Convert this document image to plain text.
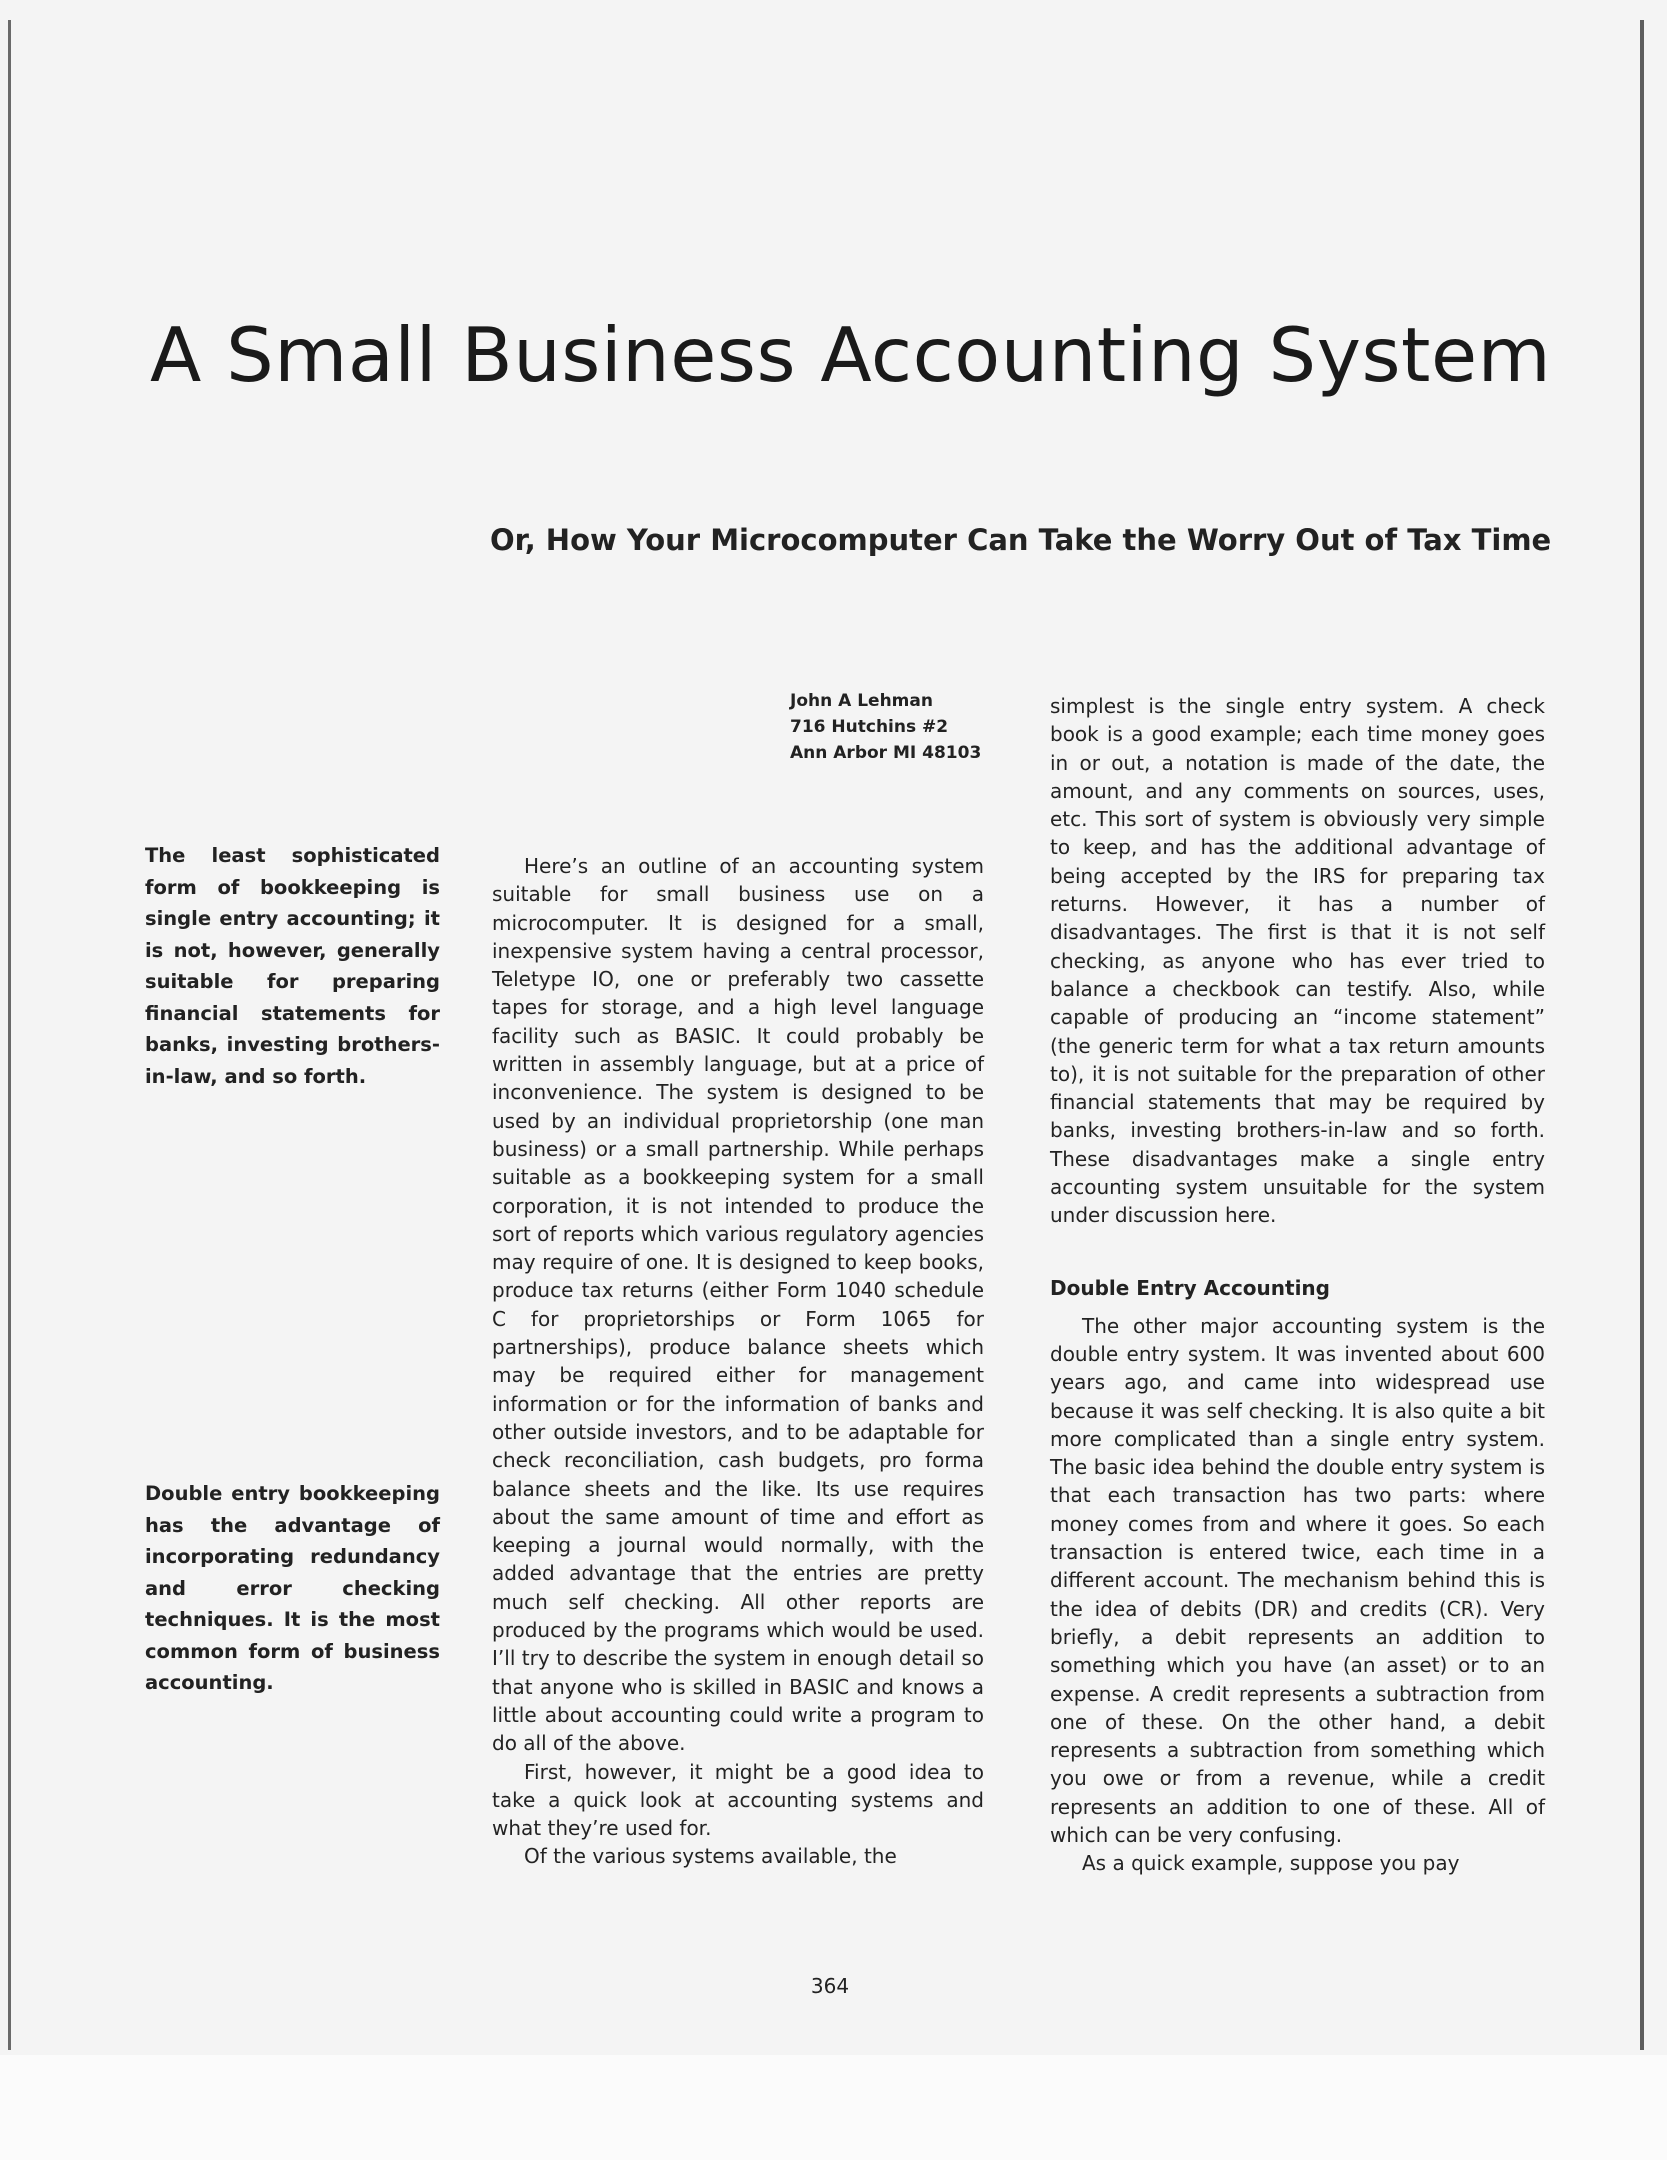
A Small Business Accounting System
Or, How Your Microcomputer Can Take the Worry Out of Tax Time
John A Lehman
716 Hutchins #2
Ann Arbor MI 48103
The least sophisticated form of bookkeeping is single entry accounting; it is not, however, generally suitable for preparing financial statements for banks, investing brothers-in-law, and so forth.
Double entry bookkeeping has the advantage of incorporating redundancy and error checking techniques. It is the most common form of business accounting.

Here’s an outline of an accounting system suitable for small business use on a microcomputer. It is designed for a small, inexpensive system having a central processor, Teletype IO, one or preferably two cassette tapes for storage, and a high level language facility such as BASIC. It could probably be written in assembly language, but at a price of inconvenience. The system is designed to be used by an individual proprietorship (one man business) or a small partnership. While perhaps suitable as a bookkeeping system for a small corporation, it is not intended to produce the sort of reports which various regulatory agencies may require of one. It is designed to keep books, produce tax returns (either Form 1040 schedule C for proprietorships or Form 1065 for partnerships), produce balance sheets which may be required either for management information or for the information of banks and other outside investors, and to be adaptable for check reconciliation, cash budgets, pro forma balance sheets and the like. Its use requires about the same amount of time and effort as keeping a journal would normally, with the added advantage that the entries are pretty much self checking. All other reports are produced by the programs which would be used. I’ll try to describe the system in enough detail so that anyone who is skilled in BASIC and knows a little about accounting could write a program to do all of the above.

First, however, it might be a good idea to take a quick look at accounting systems and what they’re used for.

Of the various systems available, the

simplest is the single entry system. A check book is a good example; each time money goes in or out, a notation is made of the date, the amount, and any comments on sources, uses, etc. This sort of system is obviously very simple to keep, and has the additional advantage of being accepted by the IRS for preparing tax returns. However, it has a number of disadvantages. The first is that it is not self checking, as anyone who has ever tried to balance a checkbook can testify. Also, while capable of producing an “income statement” (the generic term for what a tax return amounts to), it is not suitable for the preparation of other financial statements that may be required by banks, investing brothers-in-law and so forth. These disadvantages make a single entry accounting system unsuitable for the system under discussion here.

Double Entry Accounting

The other major accounting system is the double entry system. It was invented about 600 years ago, and came into widespread use because it was self checking. It is also quite a bit more complicated than a single entry system. The basic idea behind the double entry system is that each transaction has two parts: where money comes from and where it goes. So each transaction is entered twice, each time in a different account. The mechanism behind this is the idea of debits (DR) and credits (CR). Very briefly, a debit represents an addition to something which you have (an asset) or to an expense. A credit represents a subtraction from one of these. On the other hand, a debit represents a subtraction from something which you owe or from a revenue, while a credit represents an addition to one of these. All of which can be very confusing.

As a quick example, suppose you pay

364
